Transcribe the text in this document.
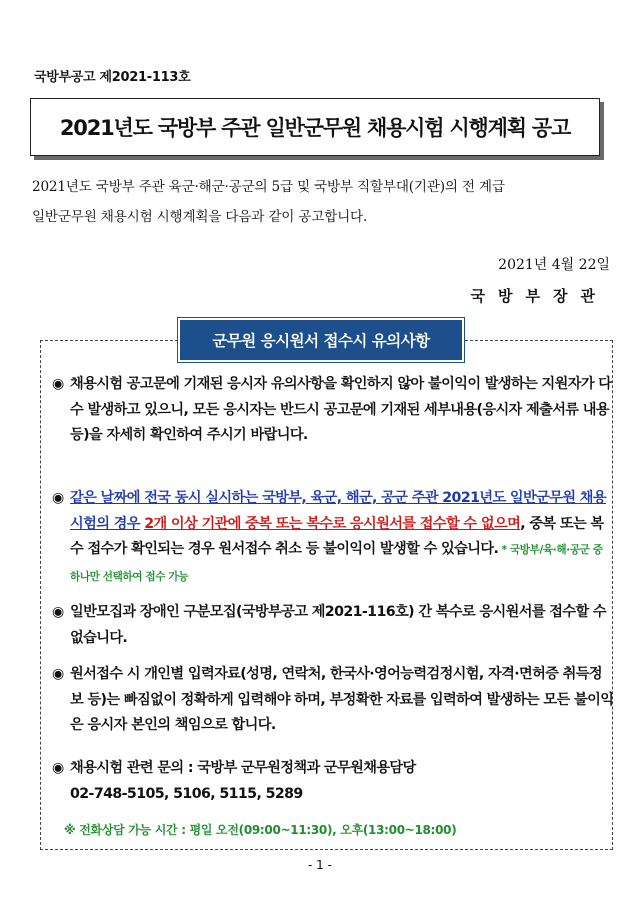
국방부공고 제2021-113호
2021년도 국방부 주관 일반군무원 채용시험 시행계획 공고
2021년도 국방부 주관 육군·해군·공군의 5급 및 국방부 직할부대(기관)의 전 계급
일반군무원 채용시험 시행계획을 다음과 같이 공고합니다.
2021년 4월 22일
국방부장관
군무원 응시원서 접수시 유의사항
◉ 채용시험 공고문에 기재된 응시자 유의사항을 확인하지 않아 불이익이 발생하는 지원자가 다수 발생하고 있으니, 모든 응시자는 반드시 공고문에 기재된 세부내용(응시자 제출서류 내용 등)을 자세히 확인하여 주시기 바랍니다.
◉ 같은 날짜에 전국 동시 실시하는 국방부, 육군, 해군, 공군 주관 2021년도 일반군무원 채용시험의 경우 2개 이상 기관에 중복 또는 복수로 응시원서를 접수할 수 없으며, 중복 또는 복수 접수가 확인되는 경우 원서접수 취소 등 불이익이 발생할 수 있습니다. * 국방부/육·해·공군 중 하나만 선택하여 접수 가능
◉ 일반모집과 장애인 구분모집(국방부공고 제2021-116호) 간 복수로 응시원서를 접수할 수 없습니다.
◉ 원서접수 시 개인별 입력자료(성명, 연락처, 한국사·영어능력검정시험, 자격·면허증 취득정보 등)는 빠짐없이 정확하게 입력해야 하며, 부정확한 자료를 입력하여 발생하는 모든 불이익은 응시자 본인의 책임으로 합니다.
◉ 채용시험 관련 문의 : 국방부 군무원정책과 군무원채용담당
02-748-5105, 5106, 5115, 5289
※ 전화상담 가능 시간 : 평일 오전(09:00~11:30), 오후(13:00~18:00)
- 1 -
